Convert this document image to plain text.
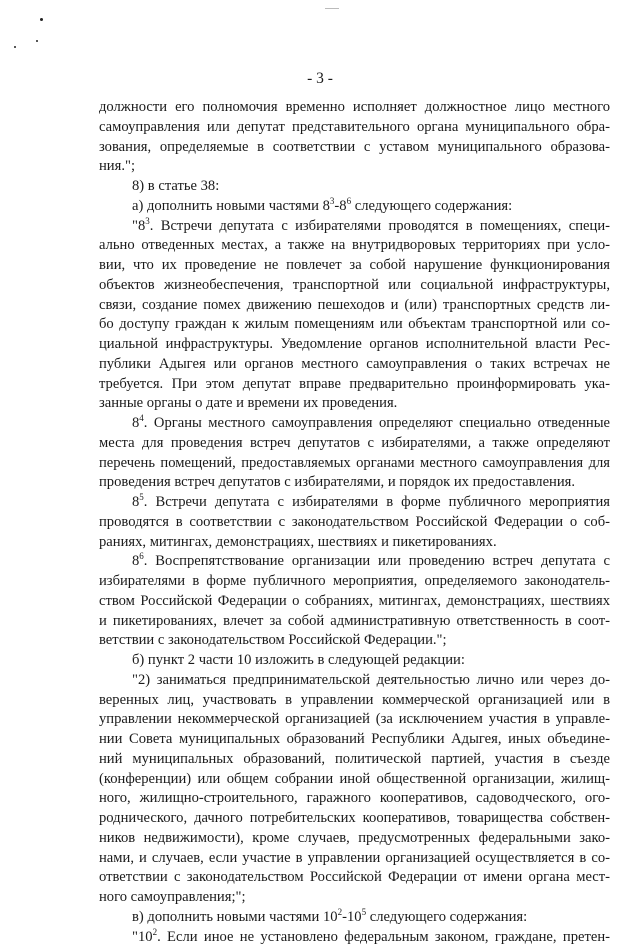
- 3 -
должности его полномочия временно исполняет должностное лицо местного
самоуправления или депутат представительного органа муниципального обра-
зования, определяемые в соответствии с уставом муниципального образова-
ния.";
8) в статье 38:
а) дополнить новыми частями $8^3-8^6$ следующего содержания:
"$8^3$. Встречи депутата с избирателями проводятся в помещениях, специ-
ально отведенных местах, а также на внутридворовых территориях при усло-
вии, что их проведение не повлечет за собой нарушение функционирования
объектов жизнеобеспечения, транспортной или социальной инфраструктуры,
связи, создание помех движению пешеходов и (или) транспортных средств ли-
бо доступу граждан к жилым помещениям или объектам транспортной или со-
циальной инфраструктуры. Уведомление органов исполнительной власти Рес-
публики Адыгея или органов местного самоуправления о таких встречах не
требуется. При этом депутат вправе предварительно проинформировать ука-
занные органы о дате и времени их проведения.
$8^4$. Органы местного самоуправления определяют специально отведенные
места для проведения встреч депутатов с избирателями, а также определяют
перечень помещений, предоставляемых органами местного самоуправления для
проведения встреч депутатов с избирателями, и порядок их предоставления.
$8^5$. Встречи депутата с избирателями в форме публичного мероприятия
проводятся в соответствии с законодательством Российской Федерации о соб-
раниях, митингах, демонстрациях, шествиях и пикетированиях.
$8^6$. Воспрепятствование организации или проведению встреч депутата с
избирателями в форме публичного мероприятия, определяемого законодатель-
ством Российской Федерации о собраниях, митингах, демонстрациях, шествиях
и пикетированиях, влечет за собой административную ответственность в соот-
ветствии с законодательством Российской Федерации.";
б) пункт 2 части 10 изложить в следующей редакции:
"2) заниматься предпринимательской деятельностью лично или через до-
веренных лиц, участвовать в управлении коммерческой организацией или в
управлении некоммерческой организацией (за исключением участия в управле-
нии Совета муниципальных образований Республики Адыгея, иных объедине-
ний муниципальных образований, политической партией, участия в съезде
(конференции) или общем собрании иной общественной организации, жилищ-
ного, жилищно-строительного, гаражного кооперативов, садоводческого, ого-
роднического, дачного потребительских кооперативов, товарищества собствен-
ников недвижимости), кроме случаев, предусмотренных федеральными зако-
нами, и случаев, если участие в управлении организацией осуществляется в со-
ответствии с законодательством Российской Федерации от имени органа мест-
ного самоуправления;";
в) дополнить новыми частями $10^2-10^5$ следующего содержания:
"$10^2$. Если иное не установлено федеральным законом, граждане, претен-
